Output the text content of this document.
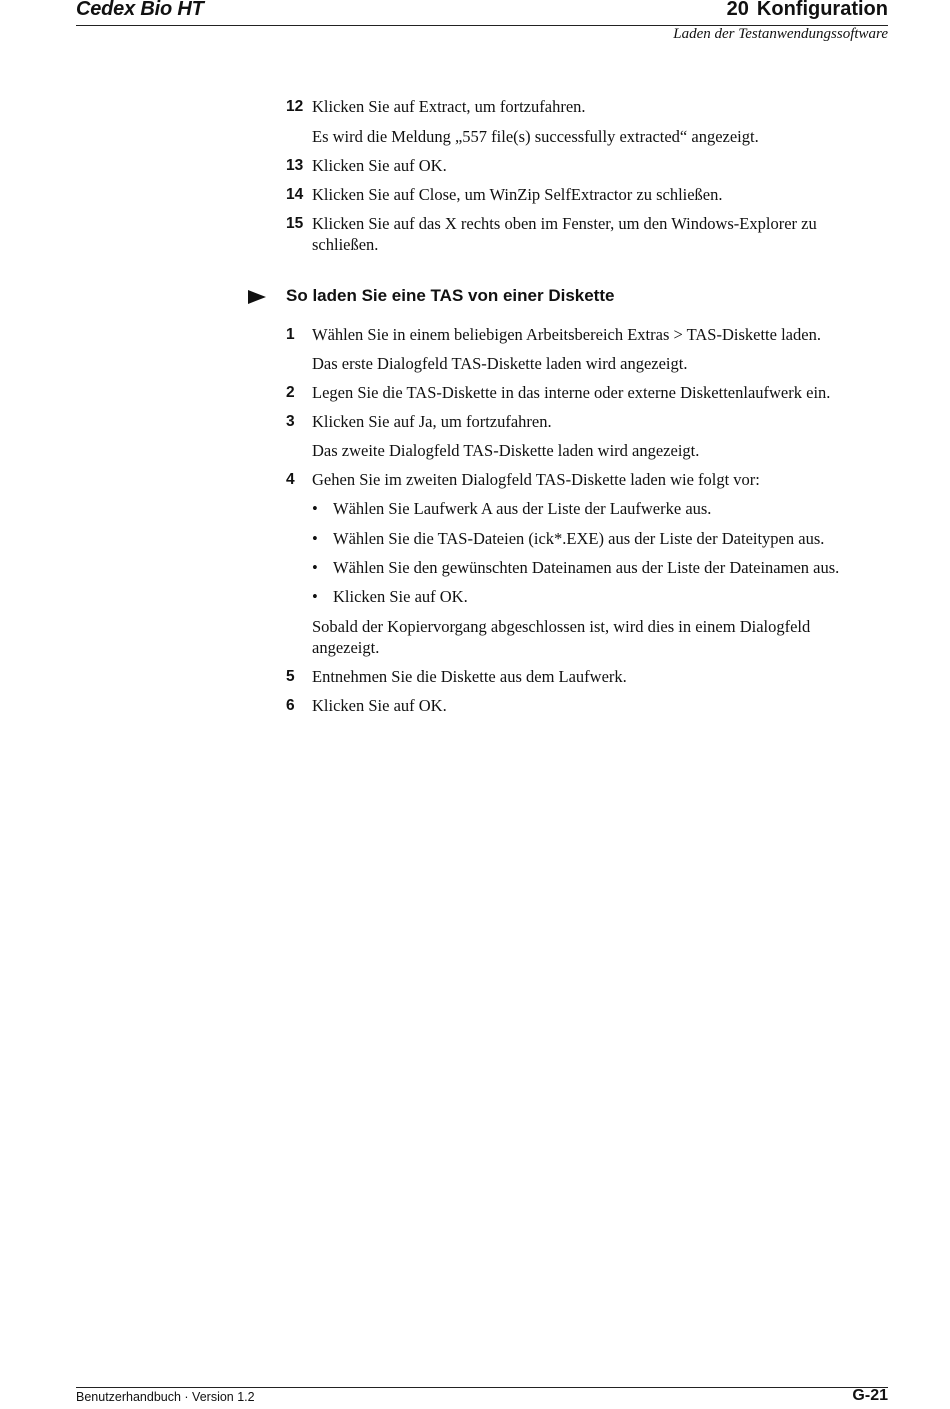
Cedex Bio HT	20 Konfiguration
Laden der Testanwendungssoftware
12 Klicken Sie auf Extract, um fortzufahren.
Es wird die Meldung „557 file(s) successfully extracted“ angezeigt.
13 Klicken Sie auf OK.
14 Klicken Sie auf Close, um WinZip SelfExtractor zu schließen.
15 Klicken Sie auf das X rechts oben im Fenster, um den Windows-Explorer zu schließen.
So laden Sie eine TAS von einer Diskette
1 Wählen Sie in einem beliebigen Arbeitsbereich Extras > TAS-Diskette laden.
Das erste Dialogfeld TAS-Diskette laden wird angezeigt.
2 Legen Sie die TAS-Diskette in das interne oder externe Diskettenlaufwerk ein.
3 Klicken Sie auf Ja, um fortzufahren.
Das zweite Dialogfeld TAS-Diskette laden wird angezeigt.
4 Gehen Sie im zweiten Dialogfeld TAS-Diskette laden wie folgt vor:
• Wählen Sie Laufwerk A aus der Liste der Laufwerke aus.
• Wählen Sie die TAS-Dateien (ick*.EXE) aus der Liste der Dateitypen aus.
• Wählen Sie den gewünschten Dateinamen aus der Liste der Dateinamen aus.
• Klicken Sie auf OK.
Sobald der Kopiervorgang abgeschlossen ist, wird dies in einem Dialogfeld angezeigt.
5 Entnehmen Sie die Diskette aus dem Laufwerk.
6 Klicken Sie auf OK.
Benutzerhandbuch · Version 1.2	G-21
